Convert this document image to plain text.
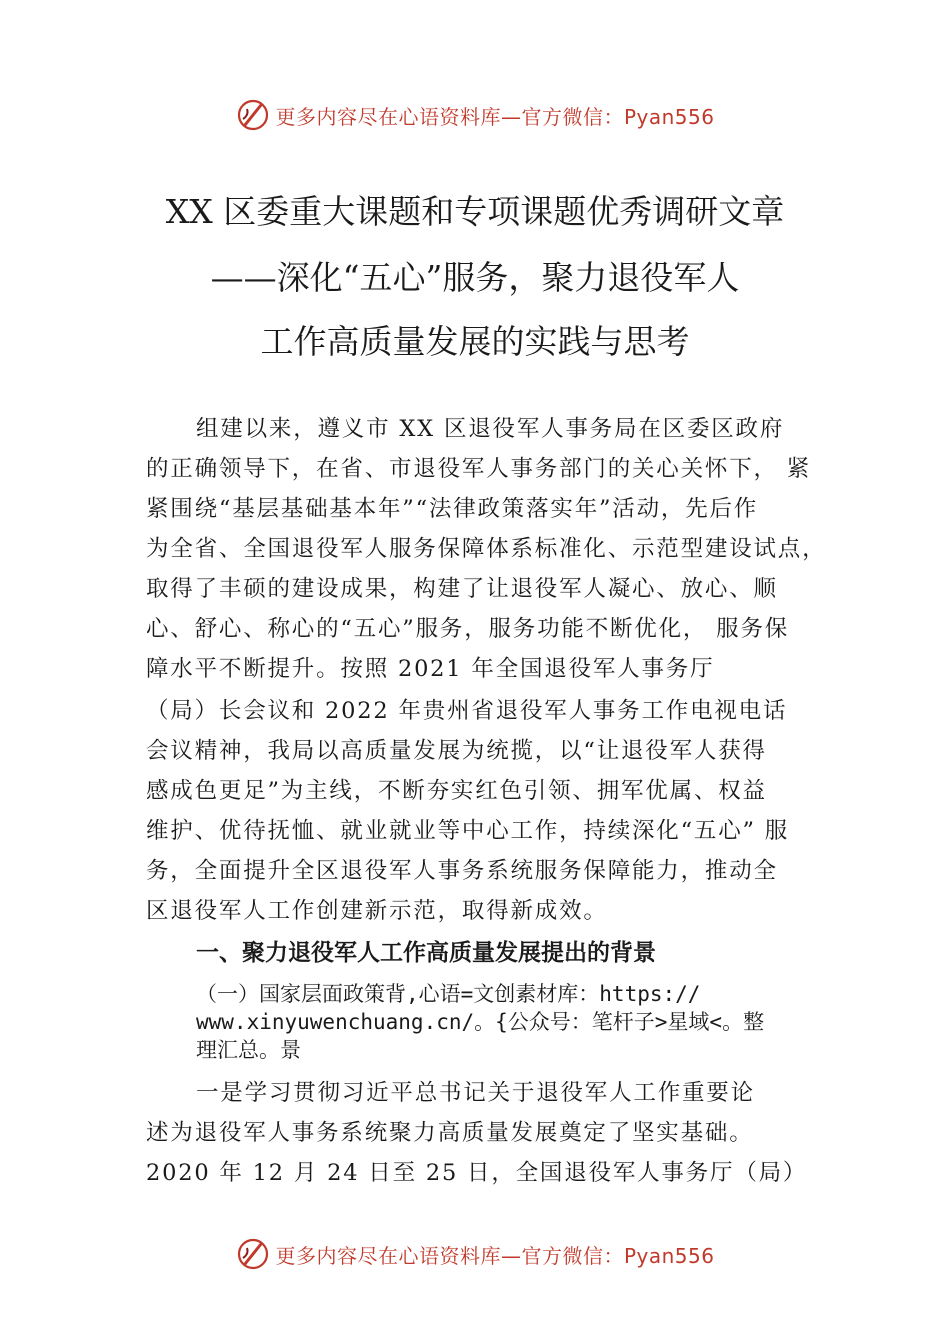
更多内容尽在心语资料库—官方微信：Pyan556
XX 区委重大课题和专项课题优秀调研文章
——深化“五心”服务，聚力退役军人
工作高质量发展的实践与思考
组建以来，遵义市 XX 区退役军人事务局在区委区政府
的正确领导下，在省、市退役军人事务部门的关心关怀下， 紧
紧围绕“基层基础基本年”“法律政策落实年”活动，先后作
为全省、全国退役军人服务保障体系标准化、示范型建设试点，
取得了丰硕的建设成果，构建了让退役军人凝心、放心、顺
心、舒心、称心的“五心”服务，服务功能不断优化， 服务保
障水平不断提升。按照 2021 年全国退役军人事务厅
（局）长会议和 2022 年贵州省退役军人事务工作电视电话
会议精神，我局以高质量发展为统揽，以“让退役军人获得
感成色更足”为主线，不断夯实红色引领、拥军优属、权益
维护、优待抚恤、就业就业等中心工作，持续深化“五心” 服
务，全面提升全区退役军人事务系统服务保障能力，推动全
区退役军人工作创建新示范，取得新成效。
一、聚力退役军人工作高质量发展提出的背景
（一）国家层面政策背,心语=文创素材库：https://
www.xinyuwenchuang.cn/。{公众号：笔杆子>星域<。整
理汇总。景
一是学习贯彻习近平总书记关于退役军人工作重要论
述为退役军人事务系统聚力高质量发展奠定了坚实基础。
2020 年 12 月 24 日至 25 日，全国退役军人事务厅（局）
更多内容尽在心语资料库—官方微信：Pyan556
